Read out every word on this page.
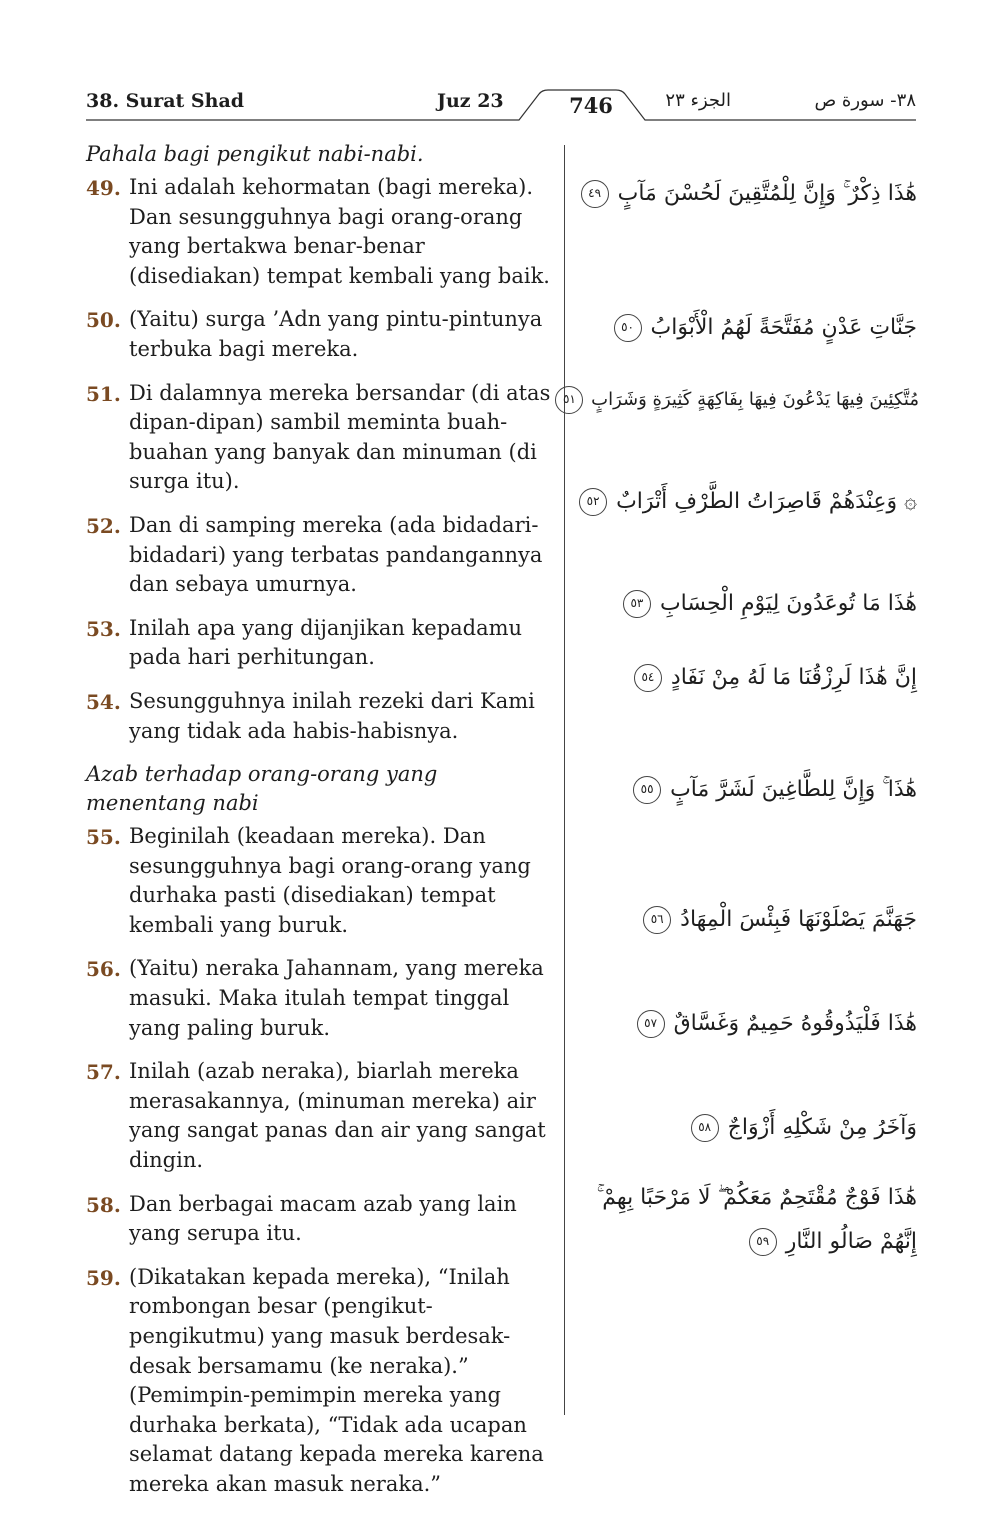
38. Surat Shad	Juz 23	746	الجزء ٢٣	٣٨- سورة ص
Pahala bagi pengikut nabi-nabi.
49. Ini adalah kehormatan (bagi mereka). Dan sesungguhnya bagi orang-orang yang bertakwa benar-benar (disediakan) tempat kembali yang baik.
50. (Yaitu) surga ’Adn yang pintu-pintunya terbuka bagi mereka.
51. Di dalamnya mereka bersandar (di atas dipan-dipan) sambil meminta buah-buahan yang banyak dan minuman (di surga itu).
52. Dan di samping mereka (ada bidadari-bidadari) yang terbatas pandangannya dan sebaya umurnya.
53. Inilah apa yang dijanjikan kepadamu pada hari perhitungan.
54. Sesungguhnya inilah rezeki dari Kami yang tidak ada habis-habisnya.
Azab terhadap orang-orang yang menentang nabi
55. Beginilah (keadaan mereka). Dan sesungguhnya bagi orang-orang yang durhaka pasti (disediakan) tempat kembali yang buruk.
56. (Yaitu) neraka Jahannam, yang mereka masuki. Maka itulah tempat tinggal yang paling buruk.
57. Inilah (azab neraka), biarlah mereka merasakannya, (minuman mereka) air yang sangat panas dan air yang sangat dingin.
58. Dan berbagai macam azab yang lain yang serupa itu.
59. (Dikatakan kepada mereka), “Inilah rombongan besar (pengikut-pengikutmu) yang masuk berdesak-desak bersamamu (ke neraka).” (Pemimpin-pemimpin mereka yang durhaka berkata), “Tidak ada ucapan selamat datang kepada mereka karena mereka akan masuk neraka.”
هَٰذَا ذِكْرٌ ۚ وَإِنَّ لِلْمُتَّقِينَ لَحُسْنَ مَآبٍ ٤٩
جَنَّاتِ عَدْنٍ مُفَتَّحَةً لَهُمُ الْأَبْوَابُ ٥٠
مُتَّكِئِينَ فِيهَا يَدْعُونَ فِيهَا بِفَاكِهَةٍ كَثِيرَةٍ وَشَرَابٍ ٥١
۞ وَعِنْدَهُمْ قَاصِرَاتُ الطَّرْفِ أَتْرَابٌ ٥٢
هَٰذَا مَا تُوعَدُونَ لِيَوْمِ الْحِسَابِ ٥٣
إِنَّ هَٰذَا لَرِزْقُنَا مَا لَهُ مِنْ نَفَادٍ ٥٤
هَٰذَا ۚ وَإِنَّ لِلطَّاغِينَ لَشَرَّ مَآبٍ ٥٥
جَهَنَّمَ يَصْلَوْنَهَا فَبِئْسَ الْمِهَادُ ٥٦
هَٰذَا فَلْيَذُوقُوهُ حَمِيمٌ وَغَسَّاقٌ ٥٧
وَآخَرُ مِنْ شَكْلِهِ أَزْوَاجٌ ٥٨
هَٰذَا فَوْجٌ مُقْتَحِمٌ مَعَكُمْ ۖ لَا مَرْحَبًا بِهِمْ ۚ إِنَّهُمْ صَالُو النَّارِ ٥٩
